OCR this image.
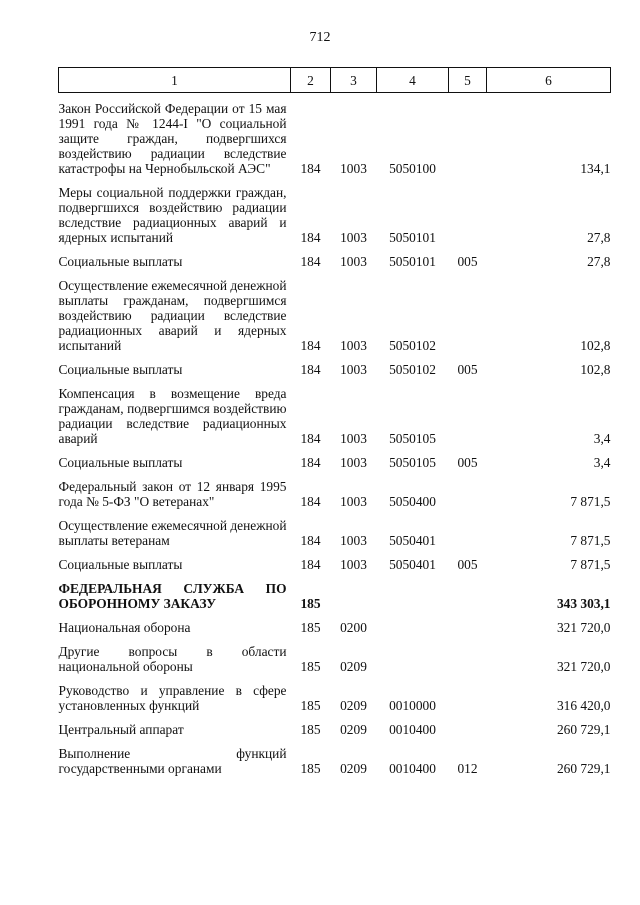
712
1	2	3	4	5	6
Закон Российской Федерации от 15 мая 1991 года № 1244-I "О социальной защите граждан, подвергшихся воздействию радиации вследствие катастрофы на Чернобыльской АЭС"	184	1003	5050100		134,1
Меры социальной поддержки граждан, подвергшихся воздействию радиации вследствие радиационных аварий и ядерных испытаний	184	1003	5050101		27,8
Социальные выплаты	184	1003	5050101	005	27,8
Осуществление ежемесячной денежной выплаты гражданам, подвергшимся воздействию радиации вследствие радиационных аварий и ядерных испытаний	184	1003	5050102		102,8
Социальные выплаты	184	1003	5050102	005	102,8
Компенсация в возмещение вреда гражданам, подвергшимся воздействию радиации вследствие радиационных аварий	184	1003	5050105		3,4
Социальные выплаты	184	1003	5050105	005	3,4
Федеральный закон от 12 января 1995 года № 5-ФЗ "О ветеранах"	184	1003	5050400		7 871,5
Осуществление ежемесячной денежной выплаты ветеранам	184	1003	5050401		7 871,5
Социальные выплаты	184	1003	5050401	005	7 871,5
ФЕДЕРАЛЬНАЯ СЛУЖБА ПО ОБОРОННОМУ ЗАКАЗУ	185				343 303,1
Национальная оборона	185	0200			321 720,0
Другие вопросы в области национальной обороны	185	0209			321 720,0
Руководство и управление в сфере установленных функций	185	0209	0010000		316 420,0
Центральный аппарат	185	0209	0010400		260 729,1
Выполнение функций государственными органами	185	0209	0010400	012	260 729,1
